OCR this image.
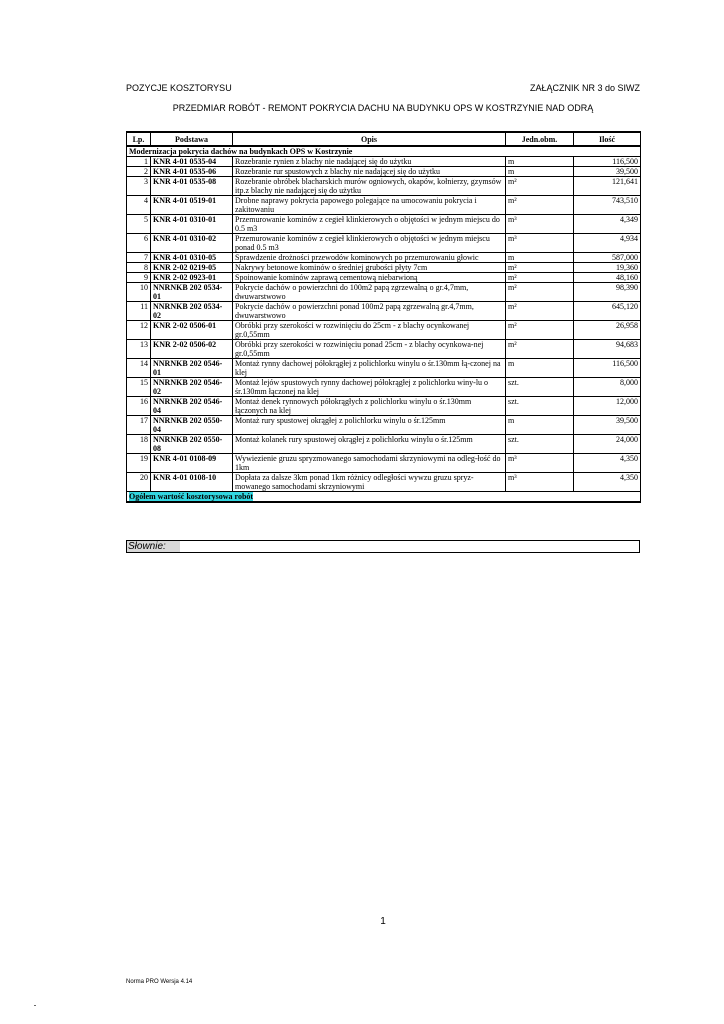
POZYCJE KOSZTORYSU	ZAŁĄCZNIK NR 3 do SIWZ
PRZEDMIAR ROBÓT - REMONT POKRYCIA DACHU NA BUDYNKU OPS W KOSTRZYNIE NAD ODRĄ
Lp.	Podstawa	Opis	Jedn.obm.	Ilość
Modernizacja pokrycia dachów na budynkach OPS w Kostrzynie				
1	KNR 4-01 0535-04	Rozebranie rynien z blachy nie nadającej się do użytku	m	116,500
2	KNR 4-01 0535-06	Rozebranie rur spustowych z blachy nie nadającej się do użytku	m	39,500
3	KNR 4-01 0535-08	Rozebranie obróbek blacharskich murów ogniowych, okapów, kołnierzy, gzymsów itp.z blachy nie nadającej się do użytku	m²	121,641
4	KNR 4-01 0519-01	Drobne naprawy pokrycia papowego polegające na umocowaniu pokrycia i zakitowaniu	m²	743,510
5	KNR 4-01 0310-01	Przemurowanie kominów z cegieł klinkierowych o objętości w jednym miejscu do 0.5 m3	m³	4,349
6	KNR 4-01 0310-02	Przemurowanie kominów z cegieł klinkierowych o objętości w jednym miejscu ponad 0.5 m3	m³	4,934
7	KNR 4-01 0310-05	Sprawdzenie drożności przewodów kominowych po przemurowaniu głowic	m	587,000
8	KNR 2-02 0219-05	Nakrywy betonowe kominów o średniej grubości płyty 7cm	m²	19,360
9	KNR 2-02 0923-01	Spoinowanie kominów zaprawą cementową niebarwioną	m²	48,160
10	NNRNKB 202 0534-01	Pokrycie dachów o powierzchni do 100m2 papą zgrzewalną o gr.4,7mm, dwuwarstwowo	m²	98,390
11	NNRNKB 202 0534-02	Pokrycie dachów o powierzchni ponad 100m2 papą zgrzewalną gr.4,7mm, dwuwarstwowo	m²	645,120
12	KNR 2-02 0506-01	Obróbki przy szerokości w rozwinięciu do 25cm - z blachy ocynkowanej gr.0,55mm	m²	26,958
13	KNR 2-02 0506-02	Obróbki przy szerokości w rozwinięciu ponad 25cm - z blachy ocynkowa-nej gr.0,55mm	m²	94,683
14	NNRNKB 202 0546-01	Montaż rynny dachowej półokrągłej z polichlorku winylu o śr.130mm łą-czonej na klej	m	116,500
15	NNRNKB 202 0546-02	Montaż lejów spustowych rynny dachowej półokrągłej z polichlorku winy-lu o śr.130mm łączonej na klej	szt.	8,000
16	NNRNKB 202 0546-04	Montaż denek rynnowych półokrągłych z polichlorku winylu o śr.130mm łączonych na klej	szt.	12,000
17	NNRNKB 202 0550-04	Montaż rury spustowej okrągłej z polichlorku winylu o śr.125mm	m	39,500
18	NNRNKB 202 0550-08	Montaż kolanek rury spustowej okrągłej z polichlorku winylu o śr.125mm	szt.	24,000
19	KNR 4-01 0108-09	Wywiezienie gruzu spryzmowanego samochodami skrzyniowymi na odleg-łość do 1km	m³	4,350
20	KNR 4-01 0108-10	Dopłata za dalsze 3km ponad 1km różnicy odległości wywzu gruzu spryz-mowanego samochodami skrzyniowymi	m³	4,350
Ogółem wartość kosztorysowa robót				
Słownie:
1
Norma PRO Wersja 4.14
